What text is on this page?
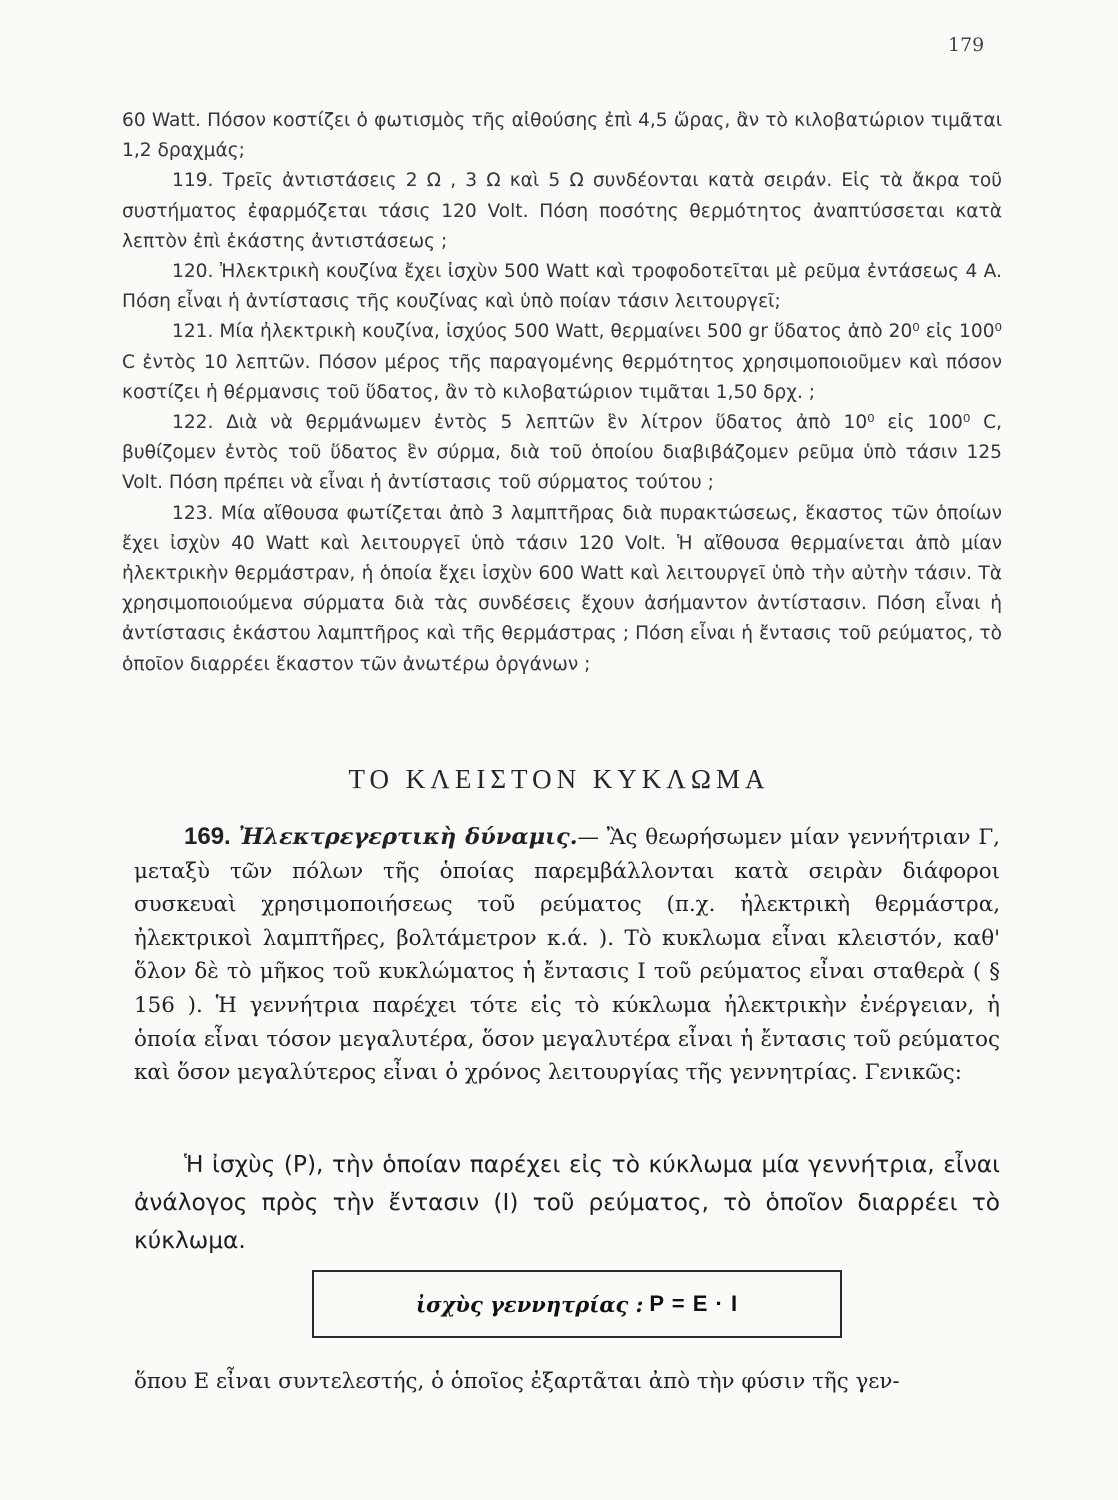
179

60 Watt. Πόσον κοστίζει ὁ φωτισμὸς τῆς αἰθούσης ἐπὶ 4,5 ὥρας, ἂν τὸ κιλοβατώριον τιμᾶται 1,2 δραχμάς;

119. Τρεῖς ἀντιστάσεις 2 Ω , 3 Ω καὶ 5 Ω συνδέονται κατὰ σειράν. Εἰς τὰ ἄκρα τοῦ συστήματος ἐφαρμόζεται τάσις 120 Volt. Πόση ποσότης θερμότητος ἀναπτύσσεται κατὰ λεπτὸν ἐπὶ ἑκάστης ἀντιστάσεως ;

120. Ἠλεκτρικὴ κουζίνα ἔχει ἰσχὺν 500 Watt καὶ τροφοδοτεῖται μὲ ρεῦμα ἐντάσεως 4 A. Πόση εἶναι ἡ ἀντίστασις τῆς κουζίνας καὶ ὑπὸ ποίαν τάσιν λειτουργεῖ;

121. Μία ἠλεκτρικὴ κουζίνα, ἰσχύος 500 Watt, θερμαίνει 500 gr ὕδατος ἀπὸ 20⁰ εἰς 100⁰ C ἐντὸς 10 λεπτῶν. Πόσον μέρος τῆς παραγομένης θερμότητος χρησιμοποιοῦμεν καὶ πόσον κοστίζει ἡ θέρμανσις τοῦ ὕδατος, ἂν τὸ κιλοβατώριον τιμᾶται 1,50 δρχ. ;

122. Διὰ νὰ θερμάνωμεν ἐντὸς 5 λεπτῶν ἓν λίτρον ὕδατος ἀπὸ 10⁰ εἰς 100⁰ C, βυθίζομεν ἐντὸς τοῦ ὕδατος ἓν σύρμα, διὰ τοῦ ὁποίου διαβιβάζομεν ρεῦμα ὑπὸ τάσιν 125 Volt. Πόση πρέπει νὰ εἶναι ἡ ἀντίστασις τοῦ σύρματος τούτου ;

123. Μία αἴθουσα φωτίζεται ἀπὸ 3 λαμπτῆρας διὰ πυρακτώσεως, ἕκαστος τῶν ὁποίων ἔχει ἰσχὺν 40 Watt καὶ λειτουργεῖ ὑπὸ τάσιν 120 Volt. Ἡ αἴθουσα θερμαίνεται ἀπὸ μίαν ἠλεκτρικὴν θερμάστραν, ἡ ὁποία ἔχει ἰσχὺν 600 Watt καὶ λειτουργεῖ ὑπὸ τὴν αὐτὴν τάσιν. Τὰ χρησιμοποιούμενα σύρματα διὰ τὰς συνδέσεις ἔχουν ἀσήμαντον ἀντίστασιν. Πόση εἶναι ἡ ἀντίστασις ἑκάστου λαμπτῆρος καὶ τῆς θερμάστρας ; Πόση εἶναι ἡ ἔντασις τοῦ ρεύματος, τὸ ὁποῖον διαρρέει ἕκαστον τῶν ἀνωτέρω ὀργάνων ;

ΤΟ ΚΛΕΙΣΤΟΝ ΚΥΚΛΩΜΑ

169. Ἠλεκτρεγερτικὴ δύναμις.— Ἂς θεωρήσωμεν μίαν γεννήτριαν Γ, μεταξὺ τῶν πόλων τῆς ὁποίας παρεμβάλλονται κατὰ σειρὰν διάφοροι συσκευαὶ χρησιμοποιήσεως τοῦ ρεύματος (π.χ. ἠλεκτρικὴ θερμάστρα, ἠλεκτρικοὶ λαμπτῆρες, βολτάμετρον κ.ά. ). Τὸ κυκλωμα εἶναι κλειστόν, καθ' ὅλον δὲ τὸ μῆκος τοῦ κυκλώματος ἡ ἔντασις I τοῦ ρεύματος εἶναι σταθερὰ ( § 156 ). Ἡ γεννήτρια παρέχει τότε εἰς τὸ κύκλωμα ἠλεκτρικὴν ἐνέργειαν, ἡ ὁποία εἶναι τόσον μεγαλυτέρα, ὅσον μεγαλυτέρα εἶναι ἡ ἔντασις τοῦ ρεύματος καὶ ὅσον μεγαλύτερος εἶναι ὁ χρόνος λειτουργίας τῆς γεννητρίας. Γενικῶς:

Ἡ ἰσχὺς (P), τὴν ὁποίαν παρέχει εἰς τὸ κύκλωμα μία γεννήτρια, εἶναι ἀνάλογος πρὸς τὴν ἔντασιν (I) τοῦ ρεύματος, τὸ ὁποῖον διαρρέει τὸ κύκλωμα.

ἰσχὺς γεννητρίας : P = E · I

ὅπου E εἶναι συντελεστής, ὁ ὁποῖος ἐξαρτᾶται ἀπὸ τὴν φύσιν τῆς γεν-
